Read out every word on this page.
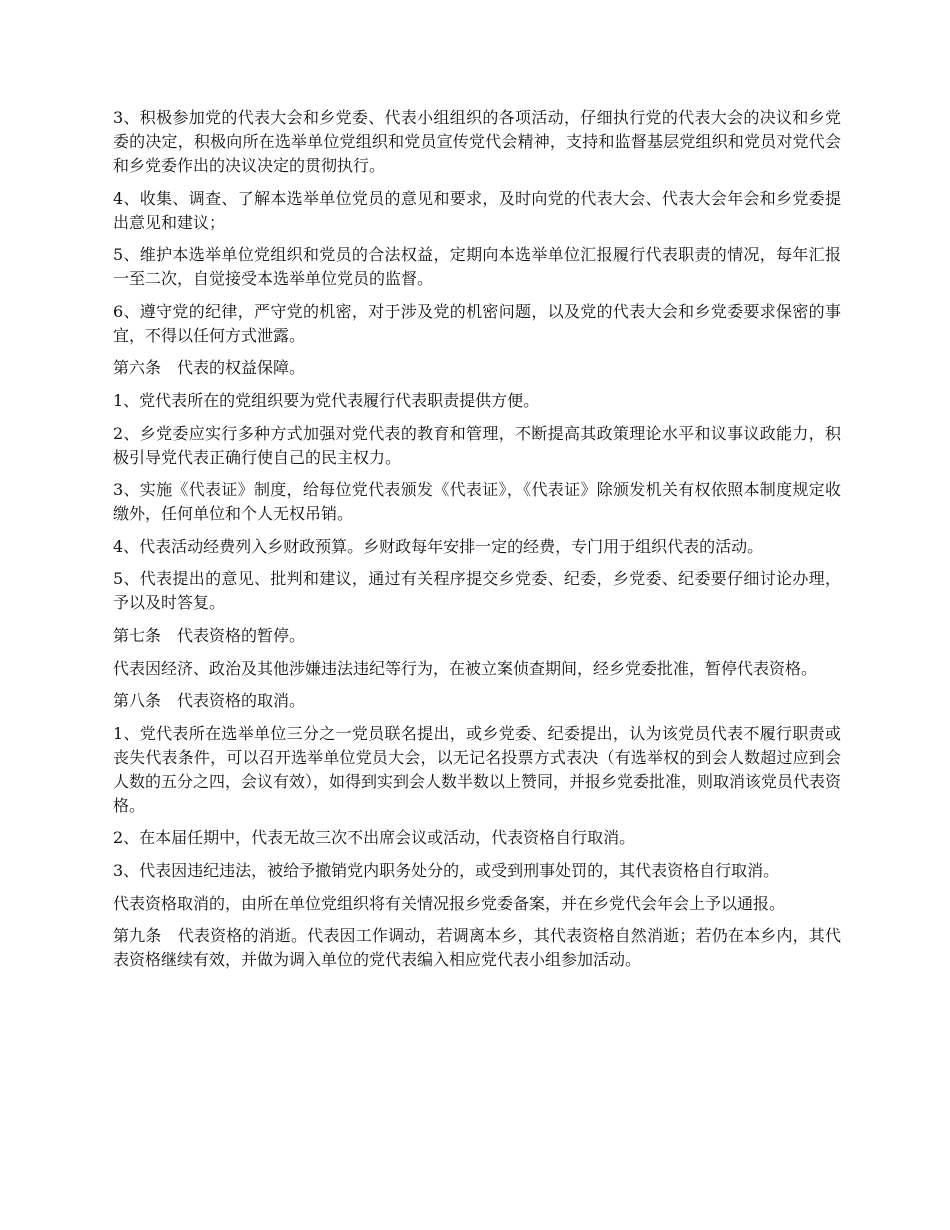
3、积极参加党的代表大会和乡党委、代表小组组织的各项活动，仔细执行党的代表大会的决议和乡党委的决定，积极向所在选举单位党组织和党员宣传党代会精神，支持和监督基层党组织和党员对党代会和乡党委作出的决议决定的贯彻执行。

4、收集、调查、了解本选举单位党员的意见和要求，及时向党的代表大会、代表大会年会和乡党委提出意见和建议；

5、维护本选举单位党组织和党员的合法权益，定期向本选举单位汇报履行代表职责的情况，每年汇报一至二次，自觉接受本选举单位党员的监督。

6、遵守党的纪律，严守党的机密，对于涉及党的机密问题，以及党的代表大会和乡党委要求保密的事宜，不得以任何方式泄露。

第六条　代表的权益保障。

1、党代表所在的党组织要为党代表履行代表职责提供方便。

2、乡党委应实行多种方式加强对党代表的教育和管理，不断提高其政策理论水平和议事议政能力，积极引导党代表正确行使自己的民主权力。

3、实施《代表证》制度，给每位党代表颁发《代表证》，《代表证》除颁发机关有权依照本制度规定收缴外，任何单位和个人无权吊销。

4、代表活动经费列入乡财政预算。乡财政每年安排一定的经费，专门用于组织代表的活动。

5、代表提出的意见、批判和建议，通过有关程序提交乡党委、纪委，乡党委、纪委要仔细讨论办理，予以及时答复。

第七条　代表资格的暂停。

代表因经济、政治及其他涉嫌违法违纪等行为，在被立案侦查期间，经乡党委批准，暂停代表资格。

第八条　代表资格的取消。

1、党代表所在选举单位三分之一党员联名提出，或乡党委、纪委提出，认为该党员代表不履行职责或丧失代表条件，可以召开选举单位党员大会，以无记名投票方式表决（有选举权的到会人数超过应到会人数的五分之四，会议有效），如得到实到会人数半数以上赞同，并报乡党委批准，则取消该党员代表资格。

2、在本届任期中，代表无故三次不出席会议或活动，代表资格自行取消。

3、代表因违纪违法，被给予撤销党内职务处分的，或受到刑事处罚的，其代表资格自行取消。

代表资格取消的，由所在单位党组织将有关情况报乡党委备案，并在乡党代会年会上予以通报。

第九条　代表资格的消逝。代表因工作调动，若调离本乡，其代表资格自然消逝；若仍在本乡内，其代表资格继续有效，并做为调入单位的党代表编入相应党代表小组参加活动。
